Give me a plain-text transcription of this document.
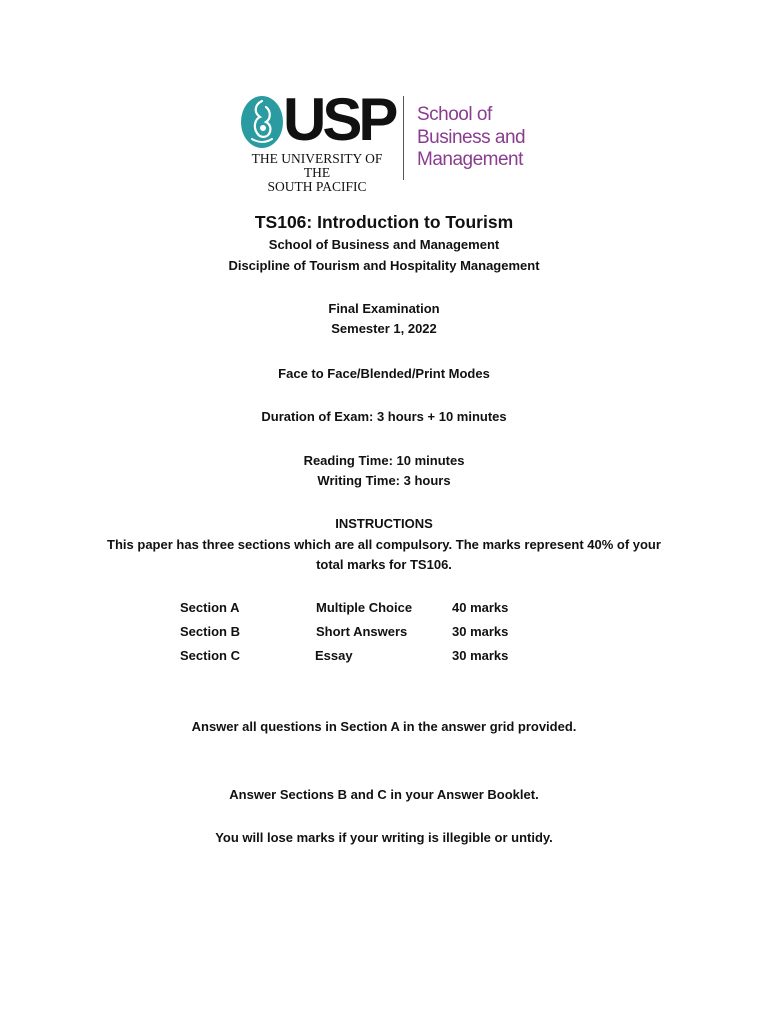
USP
THE UNIVERSITY OF THE
SOUTH PACIFIC
School of
Business and
Management
TS106: Introduction to Tourism
School of Business and Management
Discipline of Tourism and Hospitality Management
Final Examination
Semester 1, 2022
Face to Face/Blended/Print Modes
Duration of Exam: 3 hours + 10 minutes
Reading Time: 10 minutes
Writing Time: 3 hours
INSTRUCTIONS
This paper has three sections which are all compulsory. The marks represent 40% of your total marks for TS106.
Section A	Multiple Choice	40 marks
Section B	Short Answers	30 marks
Section C	Essay	30 marks
Answer all questions in Section A in the answer grid provided.
Answer Sections B and C in your Answer Booklet.
You will lose marks if your writing is illegible or untidy.
